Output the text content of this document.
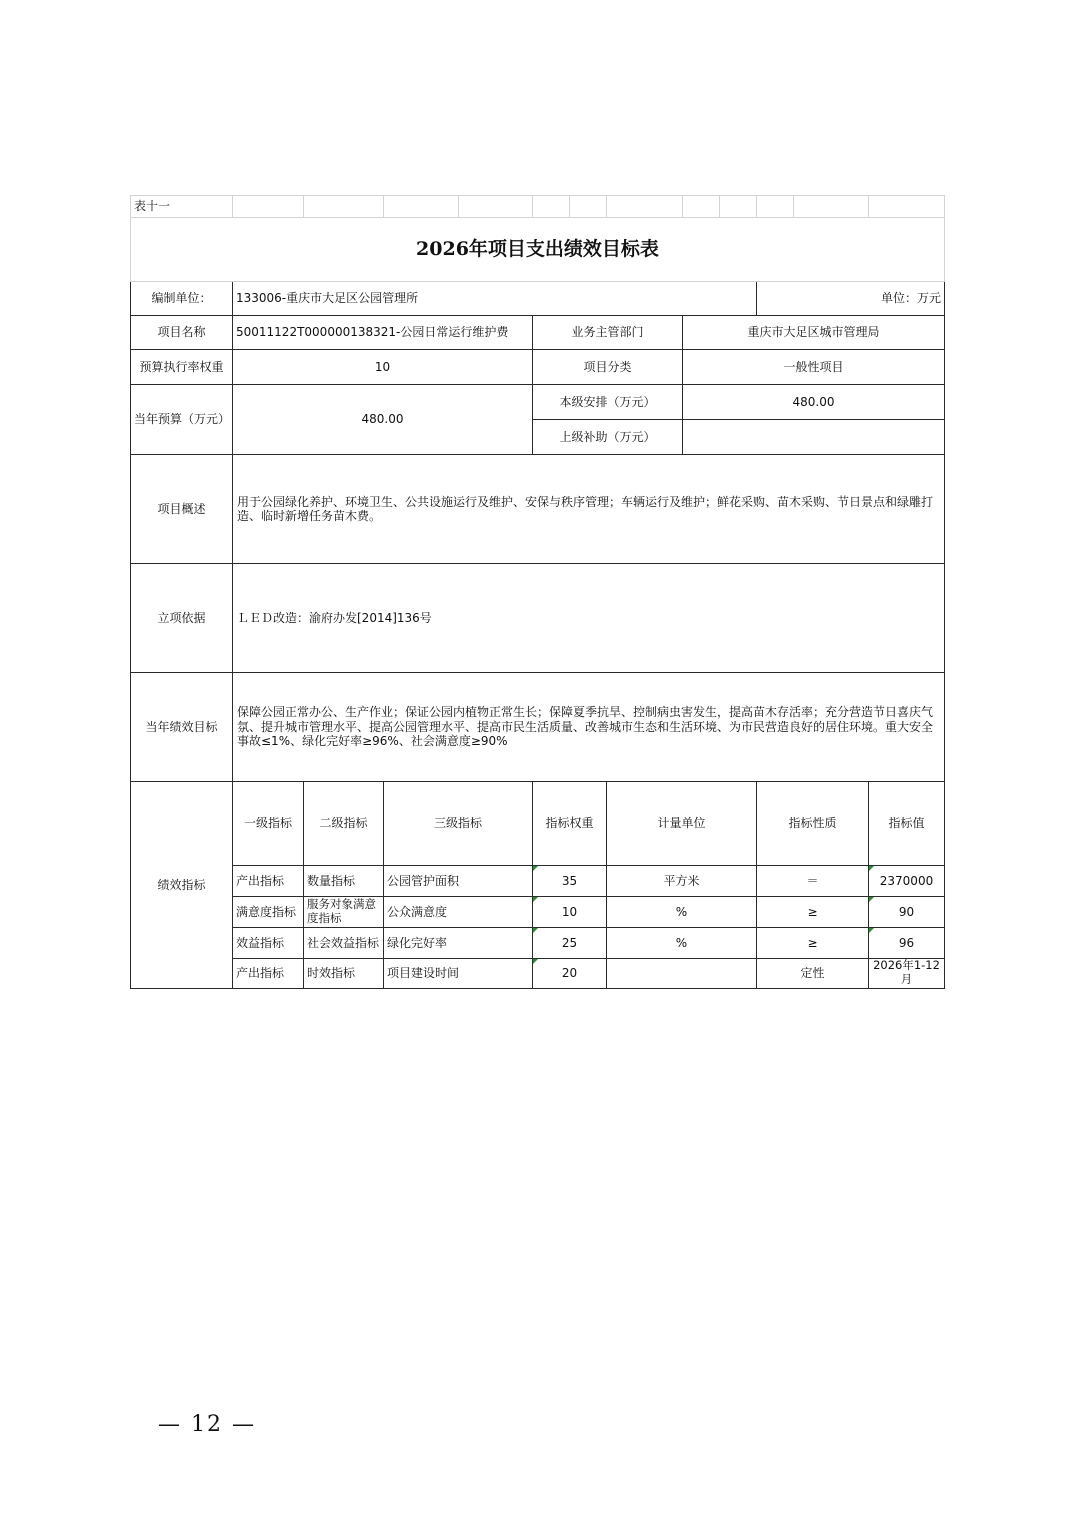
表十一													
2026年项目支出绩效目标表													
编制单位：	133006-重庆市大足区公园管理所									单位：万元			
项目名称	50011122T000000138321-公园日常运行维护费				业务主管部门			重庆市大足区城市管理局					
预算执行率权重	10				项目分类			一般性项目					
当年预算（万元）	480.00				本级安排（万元）			480.00					
					上级补助（万元）								
项目概述	用于公园绿化养护、环境卫生、公共设施运行及维护、安保与秩序管理；车辆运行及维护；鲜花采购、苗木采购、节日景点和绿雕打造、临时新增任务苗木费。												
立项依据	ＬＥＤ改造：渝府办发[2014]136号												
当年绩效目标	保障公园正常办公、生产作业；保证公园内植物正常生长；保障夏季抗旱、控制病虫害发生，提高苗木存活率；充分营造节日喜庆气氛、提升城市管理水平、提高公园管理水平、提高市民生活质量、改善城市生态和生活环境、为市民营造良好的居住环境。重大安全事故≤1%、绿化完好率≥96%、社会满意度≥90%												
绩效指标	一级指标	二级指标	三级指标		指标权重		计量单位			指标性质		指标值	
	产出指标	数量指标	公园管护面积		35		平方米			＝		2370000	
	满意度指标	服务对象满意度指标	公众满意度		10		%			≥		90	
	效益指标	社会效益指标	绿化完好率		25		%			≥		96	
	产出指标	时效指标	项目建设时间		20					定性		2026年1-12月	
— 12 —
